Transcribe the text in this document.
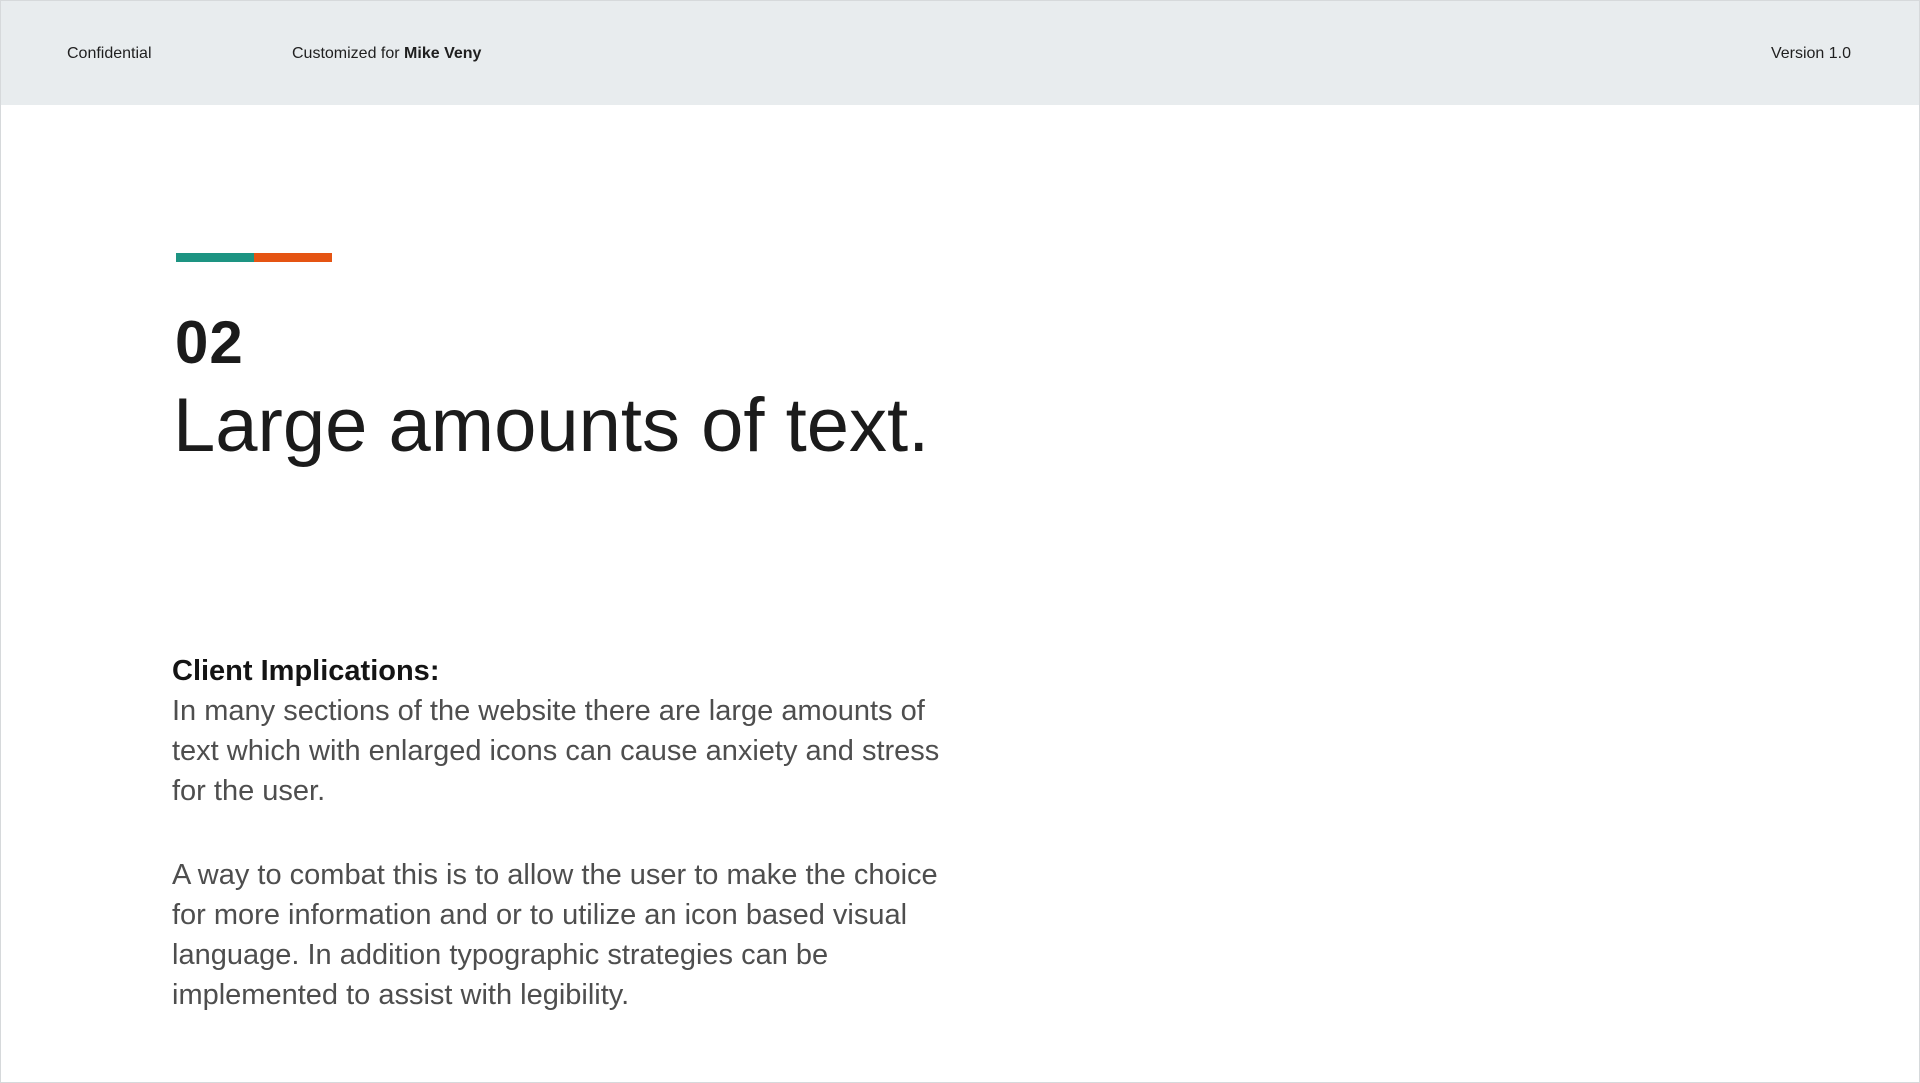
Confidential	Customized for Mike Veny	Version 1.0
02
Large amounts of text.
Client Implications:

In many sections of the website there are large amounts of text which with enlarged icons can cause anxiety and stress for the user.

A way to combat this is to allow the user to make the choice for more information and or to utilize an icon based visual language. In addition typographic strategies can be implemented to assist with legibility.
